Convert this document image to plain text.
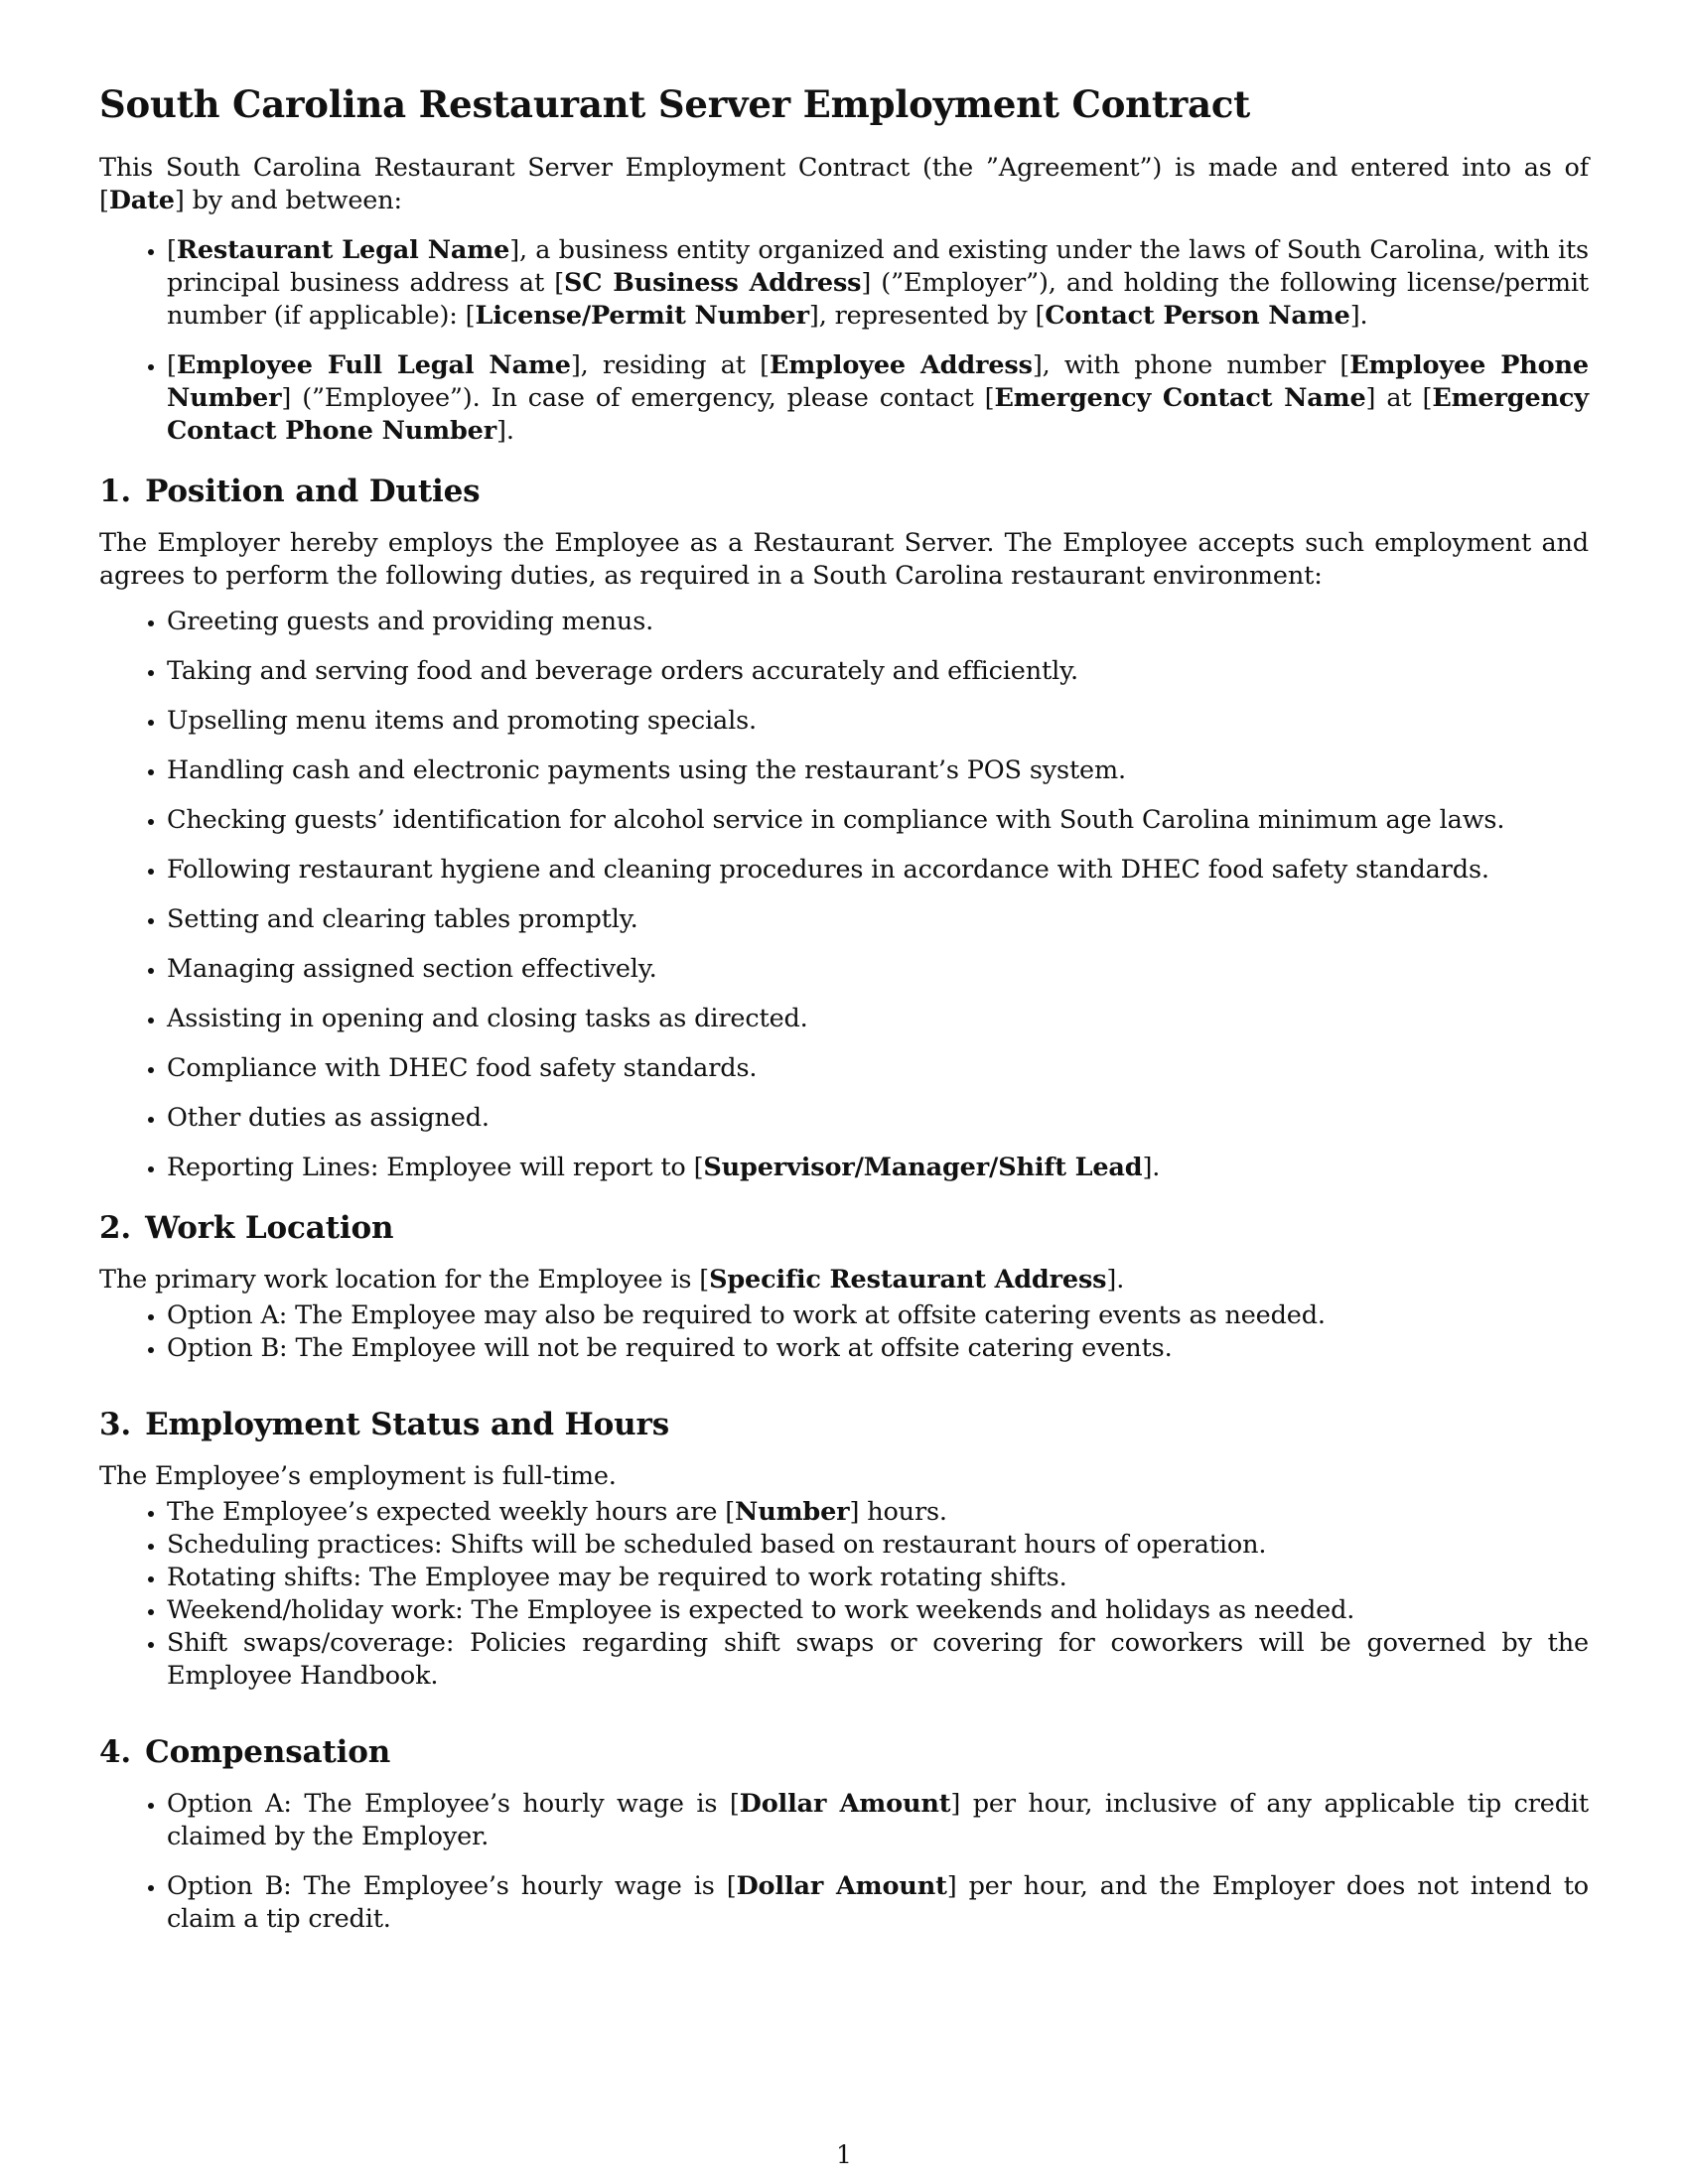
South Carolina Restaurant Server Employment Contract

This South Carolina Restaurant Server Employment Contract (the ”Agreement”) is made and entered into as of [Date] by and between:

• [Restaurant Legal Name], a business entity organized and existing under the laws of South Carolina, with its principal business address at [SC Business Address] (”Employer”), and holding the following license/permit number (if applicable): [License/Permit Number], represented by [Contact Person Name].
• [Employee Full Legal Name], residing at [Employee Address], with phone number [Employee Phone Number] (”Employee”). In case of emergency, please contact [Emergency Contact Name] at [Emergency Contact Phone Number].
1. Position and Duties

The Employer hereby employs the Employee as a Restaurant Server. The Employee accepts such employment and agrees to perform the following duties, as required in a South Carolina restaurant environment:

• Greeting guests and providing menus.
• Taking and serving food and beverage orders accurately and efficiently.
• Upselling menu items and promoting specials.
• Handling cash and electronic payments using the restaurant’s POS system.
• Checking guests’ identification for alcohol service in compliance with South Carolina minimum age laws.
• Following restaurant hygiene and cleaning procedures in accordance with DHEC food safety standards.
• Setting and clearing tables promptly.
• Managing assigned section effectively.
• Assisting in opening and closing tasks as directed.
• Compliance with DHEC food safety standards.
• Other duties as assigned.
• Reporting Lines: Employee will report to [Supervisor/Manager/Shift Lead].
2. Work Location

The primary work location for the Employee is [Specific Restaurant Address].

• Option A: The Employee may also be required to work at offsite catering events as needed.
• Option B: The Employee will not be required to work at offsite catering events.
3. Employment Status and Hours

The Employee’s employment is full-time.

• The Employee’s expected weekly hours are [Number] hours.
• Scheduling practices: Shifts will be scheduled based on restaurant hours of operation.
• Rotating shifts: The Employee may be required to work rotating shifts.
• Weekend/holiday work: The Employee is expected to work weekends and holidays as needed.
• Shift swaps/coverage: Policies regarding shift swaps or covering for coworkers will be governed by the Employee Handbook.
4. Compensation
• Option A: The Employee’s hourly wage is [Dollar Amount] per hour, inclusive of any applicable tip credit claimed by the Employer.
• Option B: The Employee’s hourly wage is [Dollar Amount] per hour, and the Employer does not intend to claim a tip credit.
1
